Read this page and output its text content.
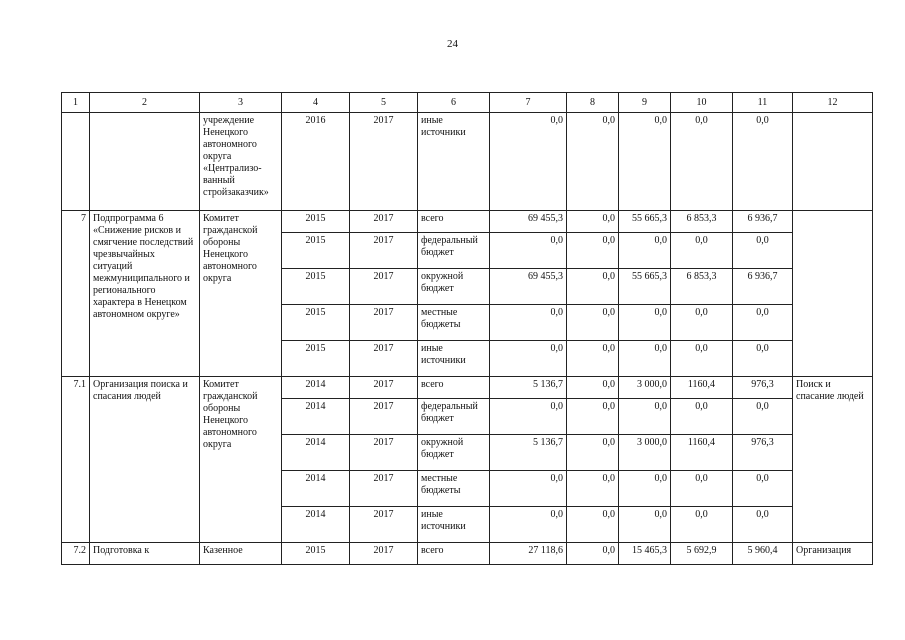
24
1	2	3	4	5	6	7	8	9	10	11	12
		учреждение Ненецкого автономного округа «Централизо-ванный стройзаказчик»	2016	2017	иные источники	0,0	0,0	0,0	0,0	0,0	
7	Подпрограмма 6 «Снижение рисков и смягчение последствий чрезвычайных ситуаций межмуниципального и регионального характера в Ненецком автономном округе»	Комитет гражданской обороны Ненецкого автономного округа	2015	2017	всего	69 455,3	0,0	55 665,3	6 853,3	6 936,7	
			2015	2017	федеральный бюджет	0,0	0,0	0,0	0,0	0,0	
			2015	2017	окружной бюджет	69 455,3	0,0	55 665,3	6 853,3	6 936,7	
			2015	2017	местные бюджеты	0,0	0,0	0,0	0,0	0,0	
			2015	2017	иные источники	0,0	0,0	0,0	0,0	0,0	
7.1	Организация поиска и спасания людей	Комитет гражданской обороны Ненецкого автономного округа	2014	2017	всего	5 136,7	0,0	3 000,0	1160,4	976,3	Поиск и спасание людей
			2014	2017	федеральный бюджет	0,0	0,0	0,0	0,0	0,0	
			2014	2017	окружной бюджет	5 136,7	0,0	3 000,0	1160,4	976,3	
			2014	2017	местные бюджеты	0,0	0,0	0,0	0,0	0,0	
			2014	2017	иные источники	0,0	0,0	0,0	0,0	0,0	
7.2	Подготовка к	Казенное	2015	2017	всего	27 118,6	0,0	15 465,3	5 692,9	5 960,4	Организация
